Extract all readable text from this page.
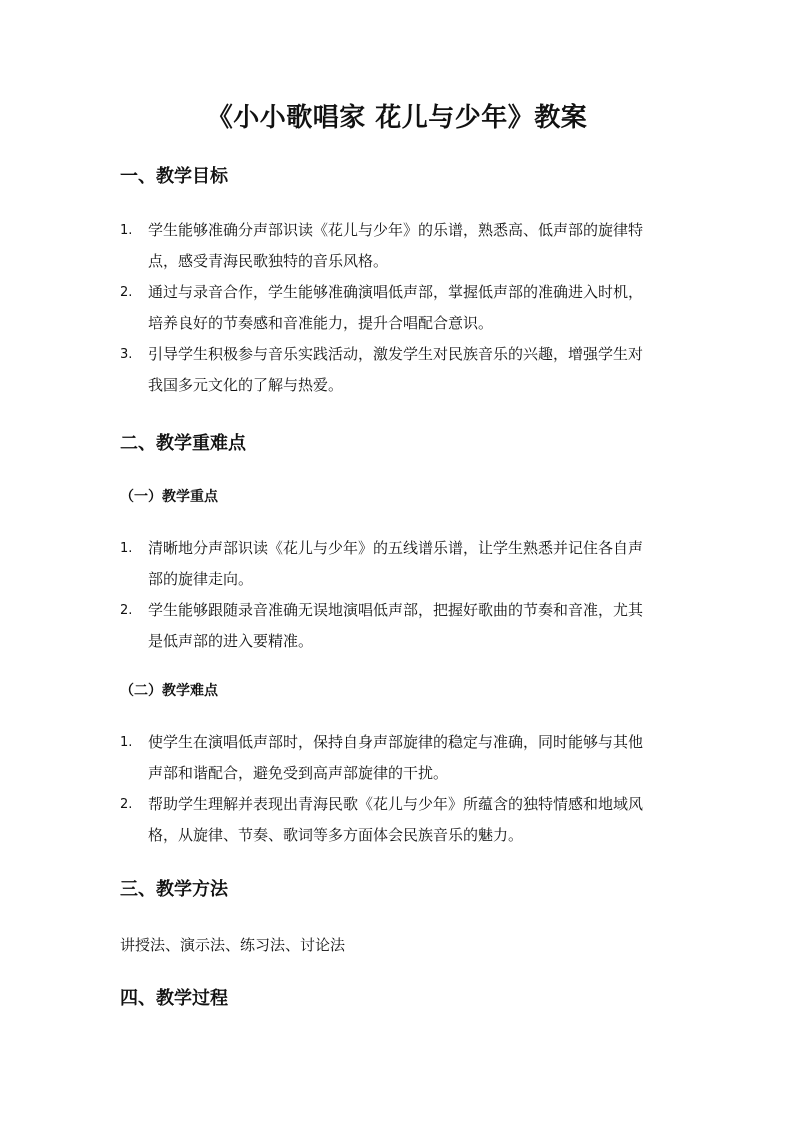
《小小歌唱家 花儿与少年》教案
一、教学目标
1. 学生能够准确分声部识读《花儿与少年》的乐谱，熟悉高、低声部的旋律特
点，感受青海民歌独特的音乐风格。
2. 通过与录音合作，学生能够准确演唱低声部，掌握低声部的准确进入时机，
培养良好的节奏感和音准能力，提升合唱配合意识。
3. 引导学生积极参与音乐实践活动，激发学生对民族音乐的兴趣，增强学生对
我国多元文化的了解与热爱。
二、教学重难点
（一）教学重点
1. 清晰地分声部识读《花儿与少年》的五线谱乐谱，让学生熟悉并记住各自声
部的旋律走向。
2. 学生能够跟随录音准确无误地演唱低声部，把握好歌曲的节奏和音准，尤其
是低声部的进入要精准。
（二）教学难点
1. 使学生在演唱低声部时，保持自身声部旋律的稳定与准确，同时能够与其他
声部和谐配合，避免受到高声部旋律的干扰。
2. 帮助学生理解并表现出青海民歌《花儿与少年》所蕴含的独特情感和地域风
格，从旋律、节奏、歌词等多方面体会民族音乐的魅力。
三、教学方法
讲授法、演示法、练习法、讨论法
四、教学过程
